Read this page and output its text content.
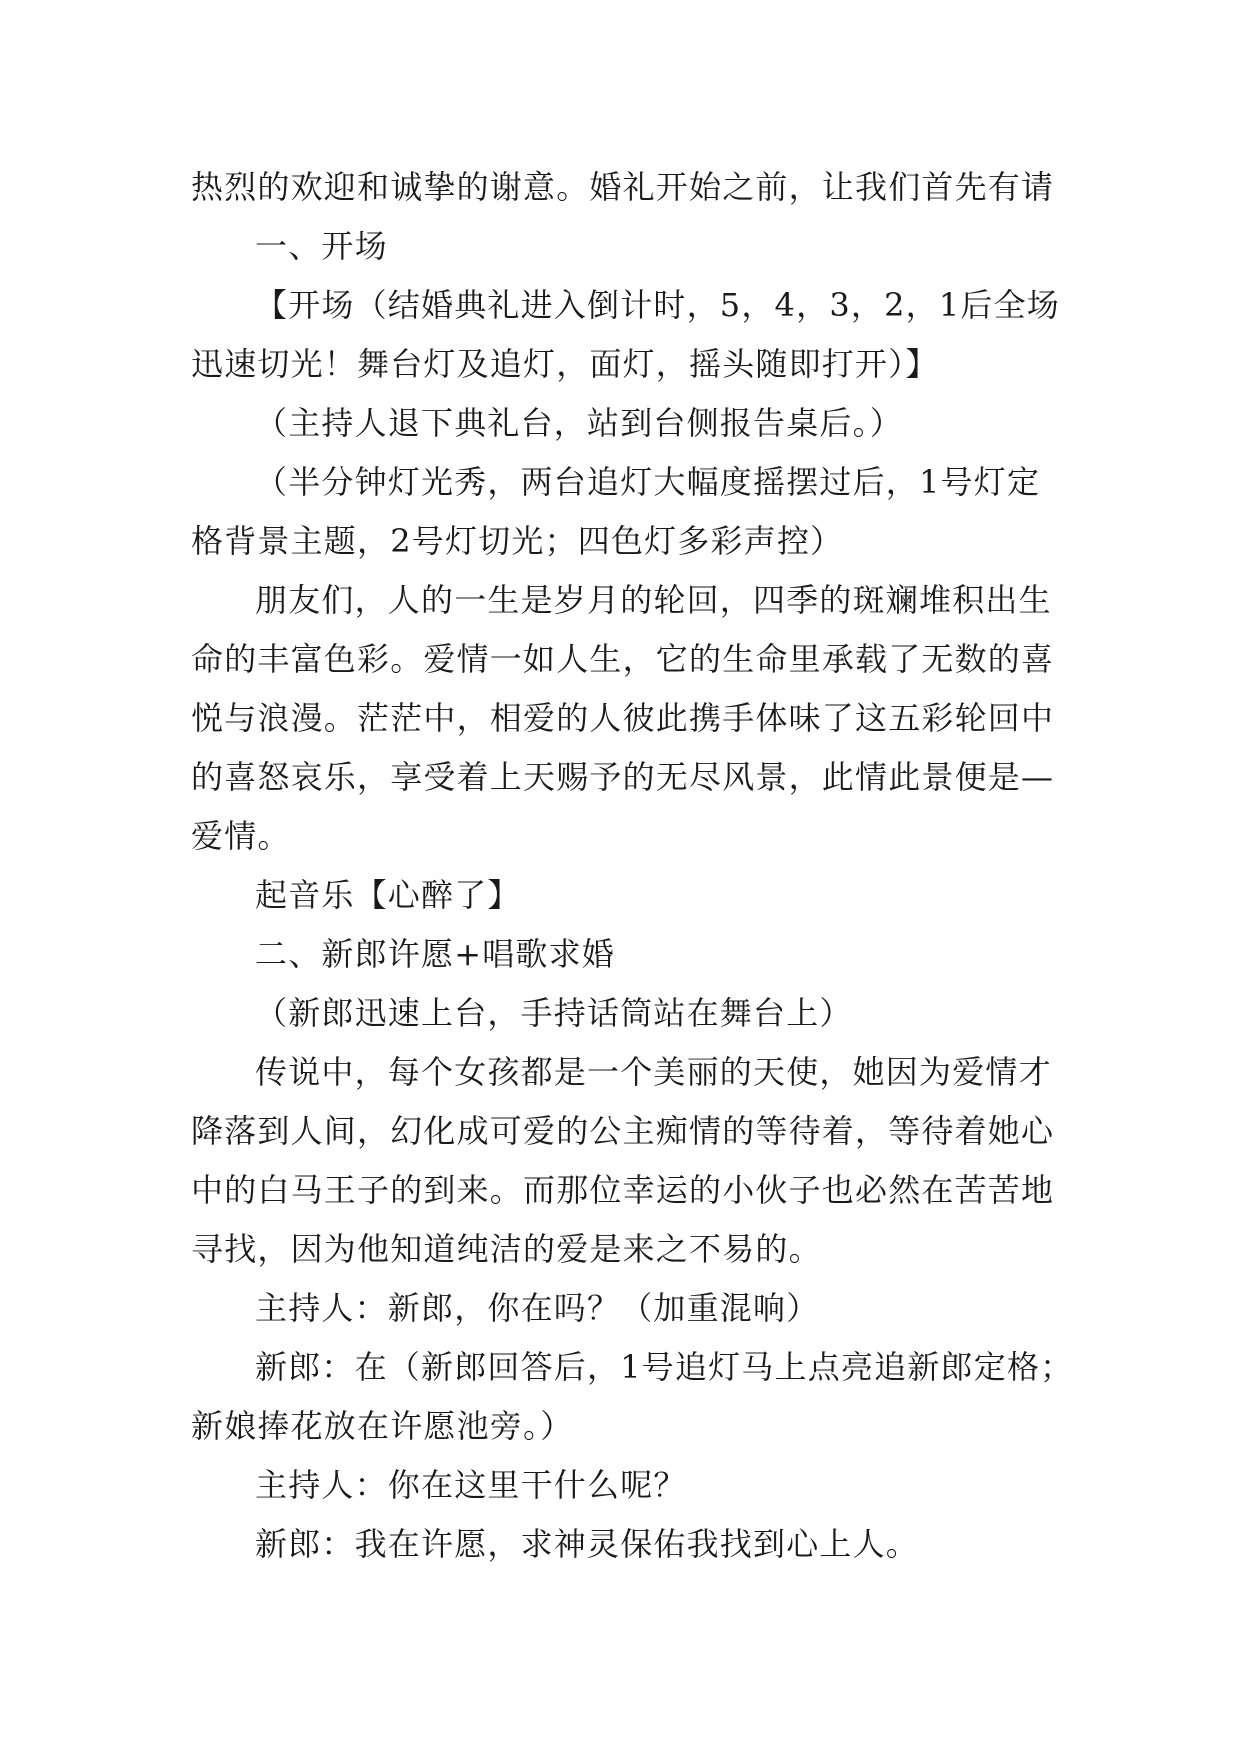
热烈的欢迎和诚挚的谢意。婚礼开始之前，让我们首先有请
一、开场
【开场（结婚典礼进入倒计时，5，4，3，2，1后全场
迅速切光！舞台灯及追灯，面灯，摇头随即打开）】
（主持人退下典礼台，站到台侧报告桌后。）
（半分钟灯光秀，两台追灯大幅度摇摆过后，1号灯定
格背景主题，2号灯切光；四色灯多彩声控）
朋友们，人的一生是岁月的轮回，四季的斑斓堆积出生
命的丰富色彩。爱情一如人生，它的生命里承载了无数的喜
悦与浪漫。茫茫中，相爱的人彼此携手体味了这五彩轮回中
的喜怒哀乐，享受着上天赐予的无尽风景，此情此景便是—
爱情。
起音乐【心醉了】
二、新郎许愿+唱歌求婚
（新郎迅速上台，手持话筒站在舞台上）
传说中，每个女孩都是一个美丽的天使，她因为爱情才
降落到人间，幻化成可爱的公主痴情的等待着，等待着她心
中的白马王子的到来。而那位幸运的小伙子也必然在苦苦地
寻找，因为他知道纯洁的爱是来之不易的。
主持人：新郎，你在吗？（加重混响）
新郎：在（新郎回答后，1号追灯马上点亮追新郎定格；
新娘捧花放在许愿池旁。）
主持人：你在这里干什么呢？
新郎：我在许愿，求神灵保佑我找到心上人。
